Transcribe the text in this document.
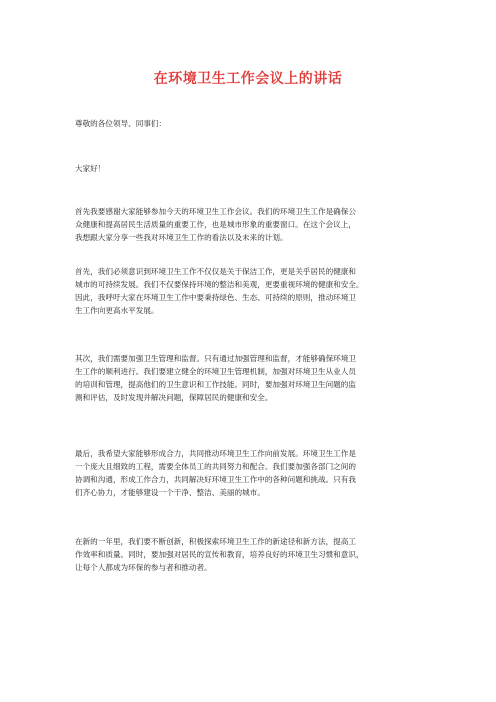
在环境卫生工作会议上的讲话
尊敬的各位领导、同事们：
大家好！
首先我要感谢大家能够参加今天的环境卫生工作会议。我们的环境卫生工作是确保公
众健康和提高居民生活质量的重要工作，也是城市形象的重要窗口。在这个会议上，
我想跟大家分享一些我对环境卫生工作的看法以及未来的计划。
首先，我们必须意识到环境卫生工作不仅仅是关于保洁工作，更是关乎居民的健康和
城市的可持续发展。我们不仅要保持环境的整洁和美观，更要重视环境的健康和安全。
因此，我呼吁大家在环境卫生工作中要秉持绿色、生态、可持续的原则，推动环境卫
生工作向更高水平发展。
其次，我们需要加强卫生管理和监督。只有通过加强管理和监督，才能够确保环境卫
生工作的顺利进行。我们要建立健全的环境卫生管理机制，加强对环境卫生从业人员
的培训和管理，提高他们的卫生意识和工作技能。同时，要加强对环境卫生问题的监
测和评估，及时发现并解决问题，保障居民的健康和安全。
最后，我希望大家能够形成合力，共同推动环境卫生工作向前发展。环境卫生工作是
一个庞大且细致的工程，需要全体员工的共同努力和配合。我们要加强各部门之间的
协调和沟通，形成工作合力，共同解决好环境卫生工作中的各种问题和挑战。只有我
们齐心协力，才能够建设一个干净、整洁、美丽的城市。
在新的一年里，我们要不断创新，积极探索环境卫生工作的新途径和新方法，提高工
作效率和质量。同时，要加强对居民的宣传和教育，培养良好的环境卫生习惯和意识，
让每个人都成为环保的参与者和推动者。
